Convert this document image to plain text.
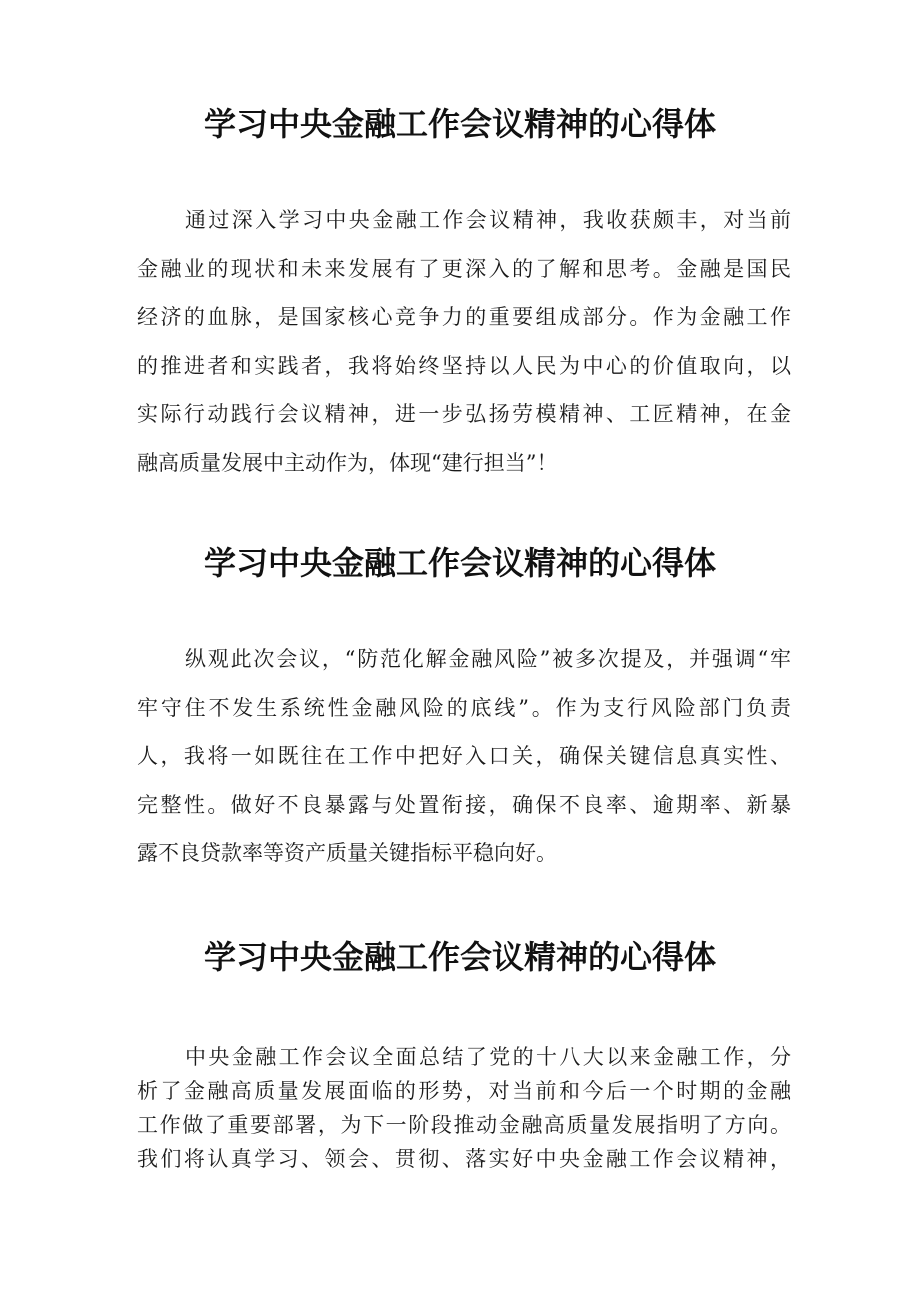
学习中央金融工作会议精神的心得体
通过深入学习中央金融工作会议精神，我收获颇丰，对当前
金融业的现状和未来发展有了更深入的了解和思考。金融是国民
经济的血脉，是国家核心竞争力的重要组成部分。作为金融工作
的推进者和实践者，我将始终坚持以人民为中心的价值取向，以
实际行动践行会议精神，进一步弘扬劳模精神、工匠精神，在金
融高质量发展中主动作为，体现“建行担当”！
学习中央金融工作会议精神的心得体
纵观此次会议，“防范化解金融风险”被多次提及，并强调“牢
牢守住不发生系统性金融风险的底线”。作为支行风险部门负责
人，我将一如既往在工作中把好入口关，确保关键信息真实性、
完整性。做好不良暴露与处置衔接，确保不良率、逾期率、新暴
露不良贷款率等资产质量关键指标平稳向好。
学习中央金融工作会议精神的心得体
中央金融工作会议全面总结了党的十八大以来金融工作，分
析了金融高质量发展面临的形势，对当前和今后一个时期的金融
工作做了重要部署，为下一阶段推动金融高质量发展指明了方向。
我们将认真学习、领会、贯彻、落实好中央金融工作会议精神，
